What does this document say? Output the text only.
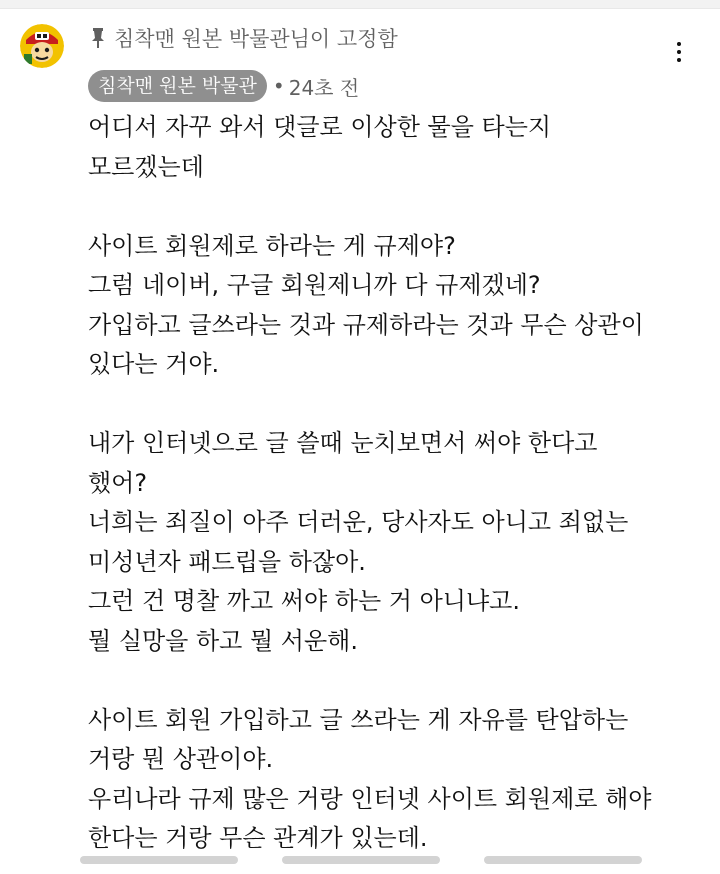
침착맨 원본 박물관님이 고정함
침착맨 원본 박물관 • 24초 전
어디서 자꾸 와서 댓글로 이상한 물을 타는지
모르겠는데
사이트 회원제로 하라는 게 규제야?
그럼 네이버, 구글 회원제니까 다 규제겠네?
가입하고 글쓰라는 것과 규제하라는 것과 무슨 상관이
있다는 거야.
내가 인터넷으로 글 쓸때 눈치보면서 써야 한다고
했어?
너희는 죄질이 아주 더러운, 당사자도 아니고 죄없는
미성년자 패드립을 하잖아.
그런 건 명찰 까고 써야 하는 거 아니냐고.
뭘 실망을 하고 뭘 서운해.
사이트 회원 가입하고 글 쓰라는 게 자유를 탄압하는
거랑 뭔 상관이야.
우리나라 규제 많은 거랑 인터넷 사이트 회원제로 해야
한다는 거랑 무슨 관계가 있는데.
